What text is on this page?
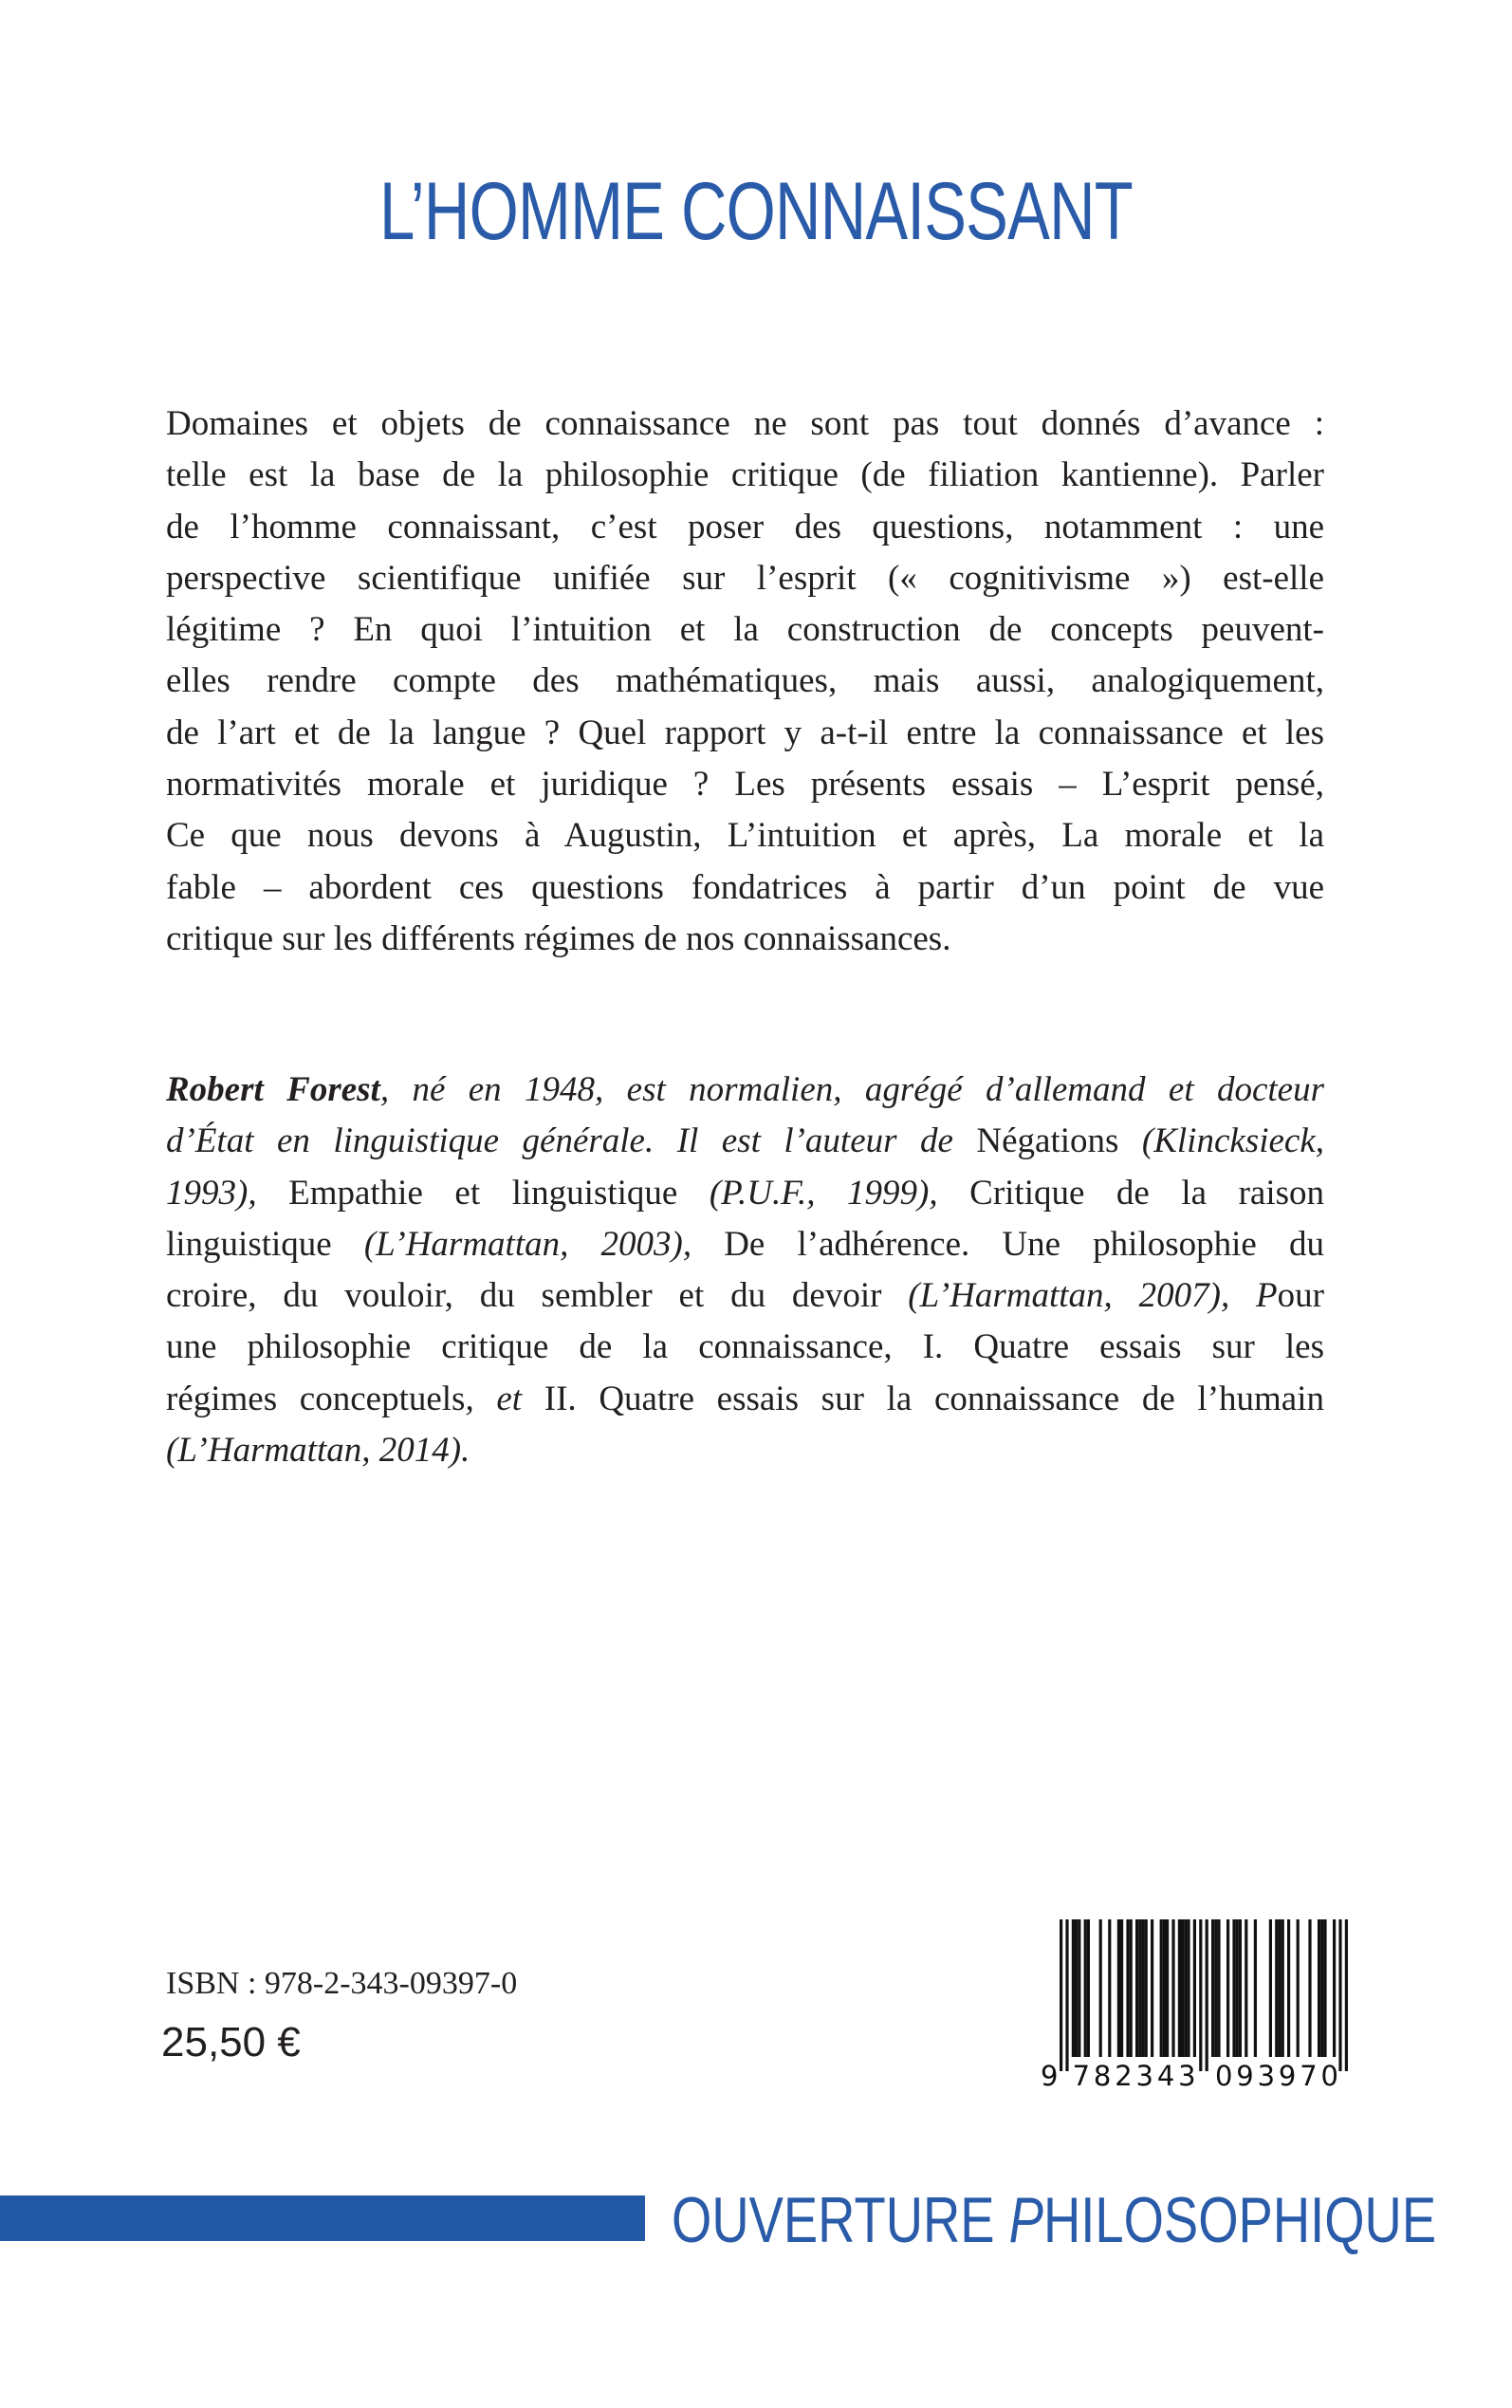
L’HOMME CONNAISSANT
Domaines et objets de connaissance ne sont pas tout donnés d’avance :
telle est la base de la philosophie critique (de filiation kantienne). Parler
de l’homme connaissant, c’est poser des questions, notamment : une
perspective scientifique unifiée sur l’esprit (« cognitivisme ») est-elle
légitime ? En quoi l’intuition et la construction de concepts peuvent-
elles rendre compte des mathématiques, mais aussi, analogiquement,
de l’art et de la langue ? Quel rapport y a-t-il entre la connaissance et les
normativités morale et juridique ? Les présents essais – L’esprit pensé,
Ce que nous devons à Augustin, L’intuition et après, La morale et la
fable – abordent ces questions fondatrices à partir d’un point de vue
critique sur les différents régimes de nos connaissances.
Robert Forest, né en 1948, est normalien, agrégé d’allemand et docteur
d’État en linguistique générale. Il est l’auteur de Négations (Klincksieck,
1993), Empathie et linguistique (P.U.F., 1999), Critique de la raison
linguistique (L’Harmattan, 2003), De l’adhérence. Une philosophie du
croire, du vouloir, du sembler et du devoir (L’Harmattan, 2007), Pour
une philosophie critique de la connaissance, I. Quatre essais sur les
régimes conceptuels, et II. Quatre essais sur la connaissance de l’humain
(L’Harmattan, 2014).
ISBN : 978-2-343-09397-0
25,50 €
9 782343 093970
OUVERTURE PHILOSOPHIQUE
